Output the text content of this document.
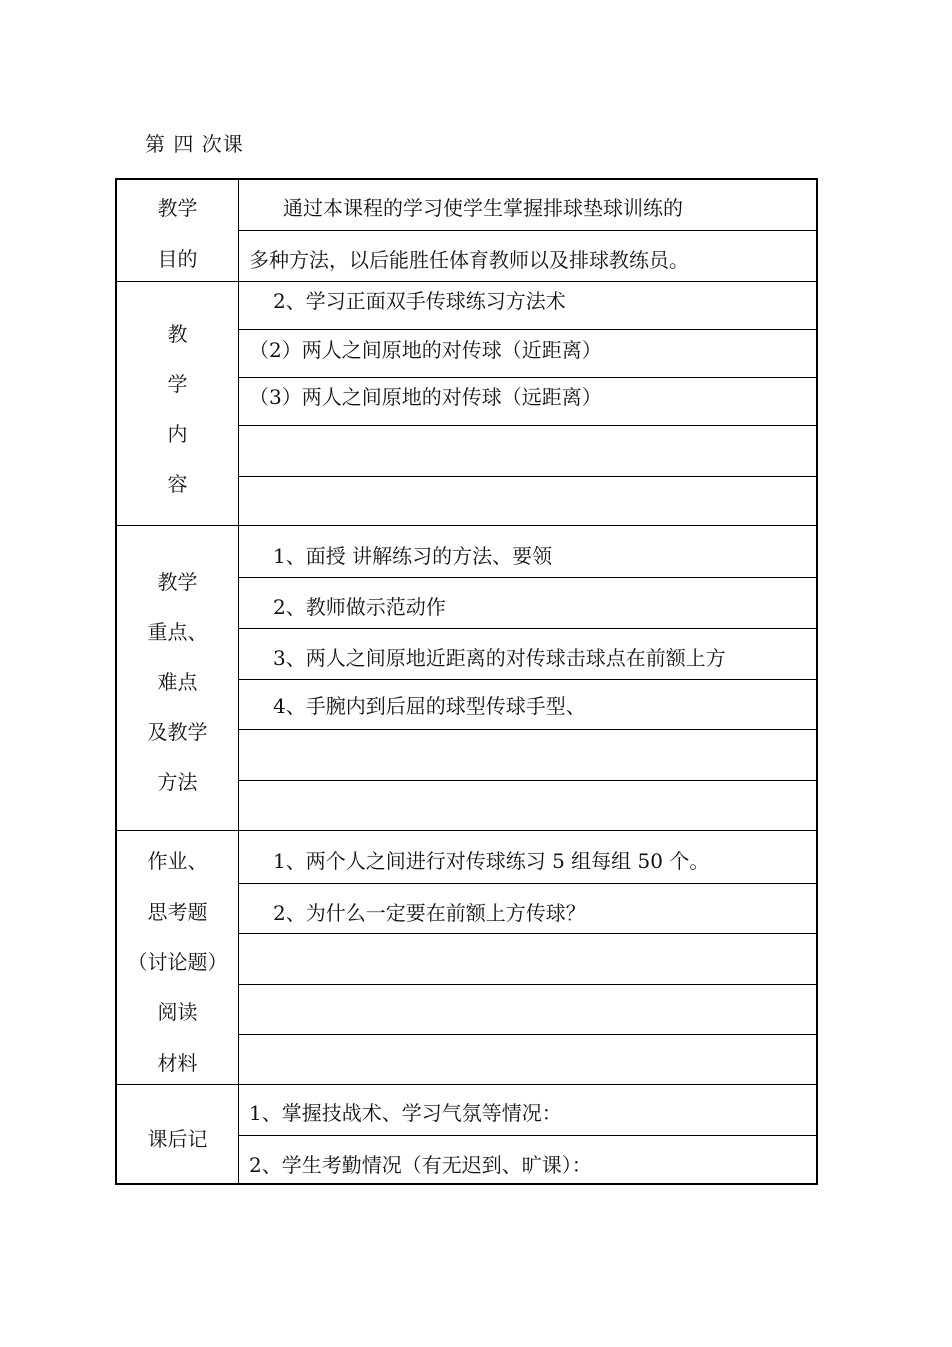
第 四 次课
教学
目的
通过本课程的学习使学生掌握排球垫球训练的
多种方法，以后能胜任体育教师以及排球教练员。
教
学
内
容
2、学习正面双手传球练习方法术
（2）两人之间原地的对传球（近距离）
（3）两人之间原地的对传球（远距离）
教学
重点、
难点
及教学
方法
1、面授 讲解练习的方法、要领
2、教师做示范动作
3、两人之间原地近距离的对传球击球点在前额上方
4、手腕内到后屈的球型传球手型、
作业、
思考题
（讨论题）
阅读
材料
1、两个人之间进行对传球练习 5 组每组 50 个。
2、为什么一定要在前额上方传球？
课后记
1、掌握技战术、学习气氛等情况：
2、学生考勤情况（有无迟到、旷课）：
